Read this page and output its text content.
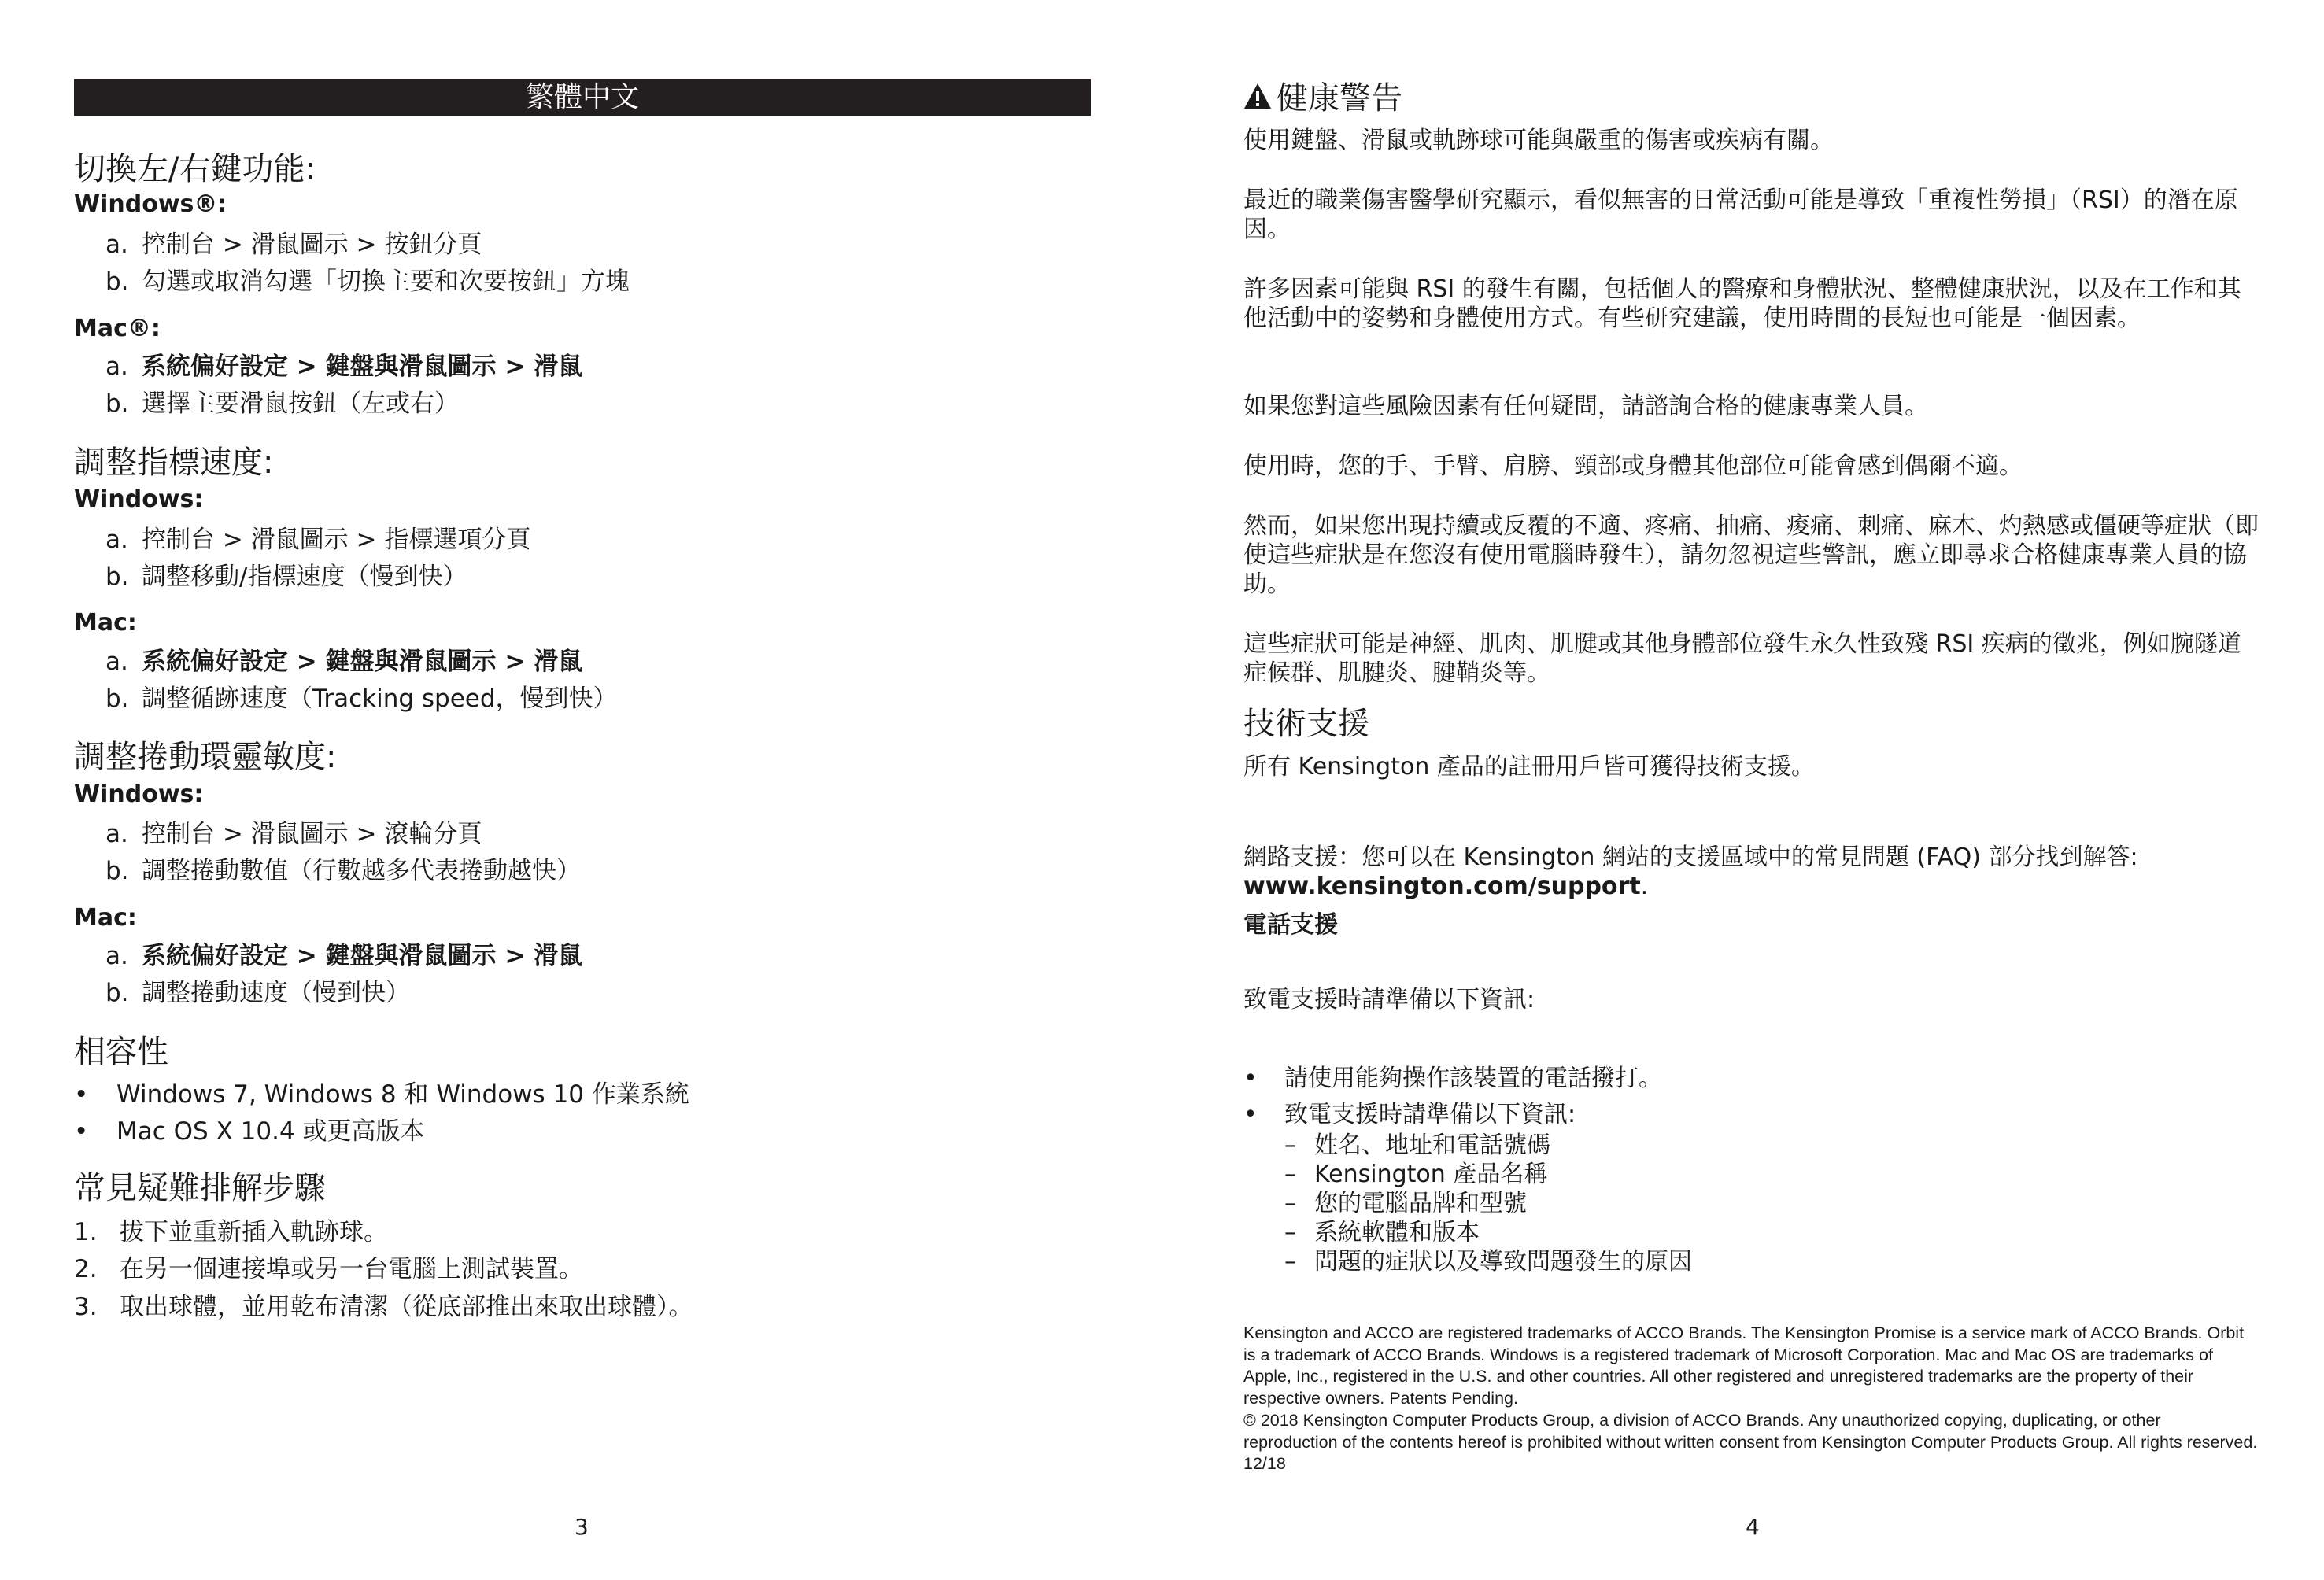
繁體中文
切換左/右鍵功能:
Windows®:
a. 控制台 > 滑鼠圖示 > 按鈕分頁
b. 勾選或取消勾選「切換主要和次要按鈕」方塊
Mac®:
a. 系統偏好設定 > 鍵盤與滑鼠圖示 > 滑鼠
b. 選擇主要滑鼠按鈕（左或右）
調整指標速度:
Windows:
a. 控制台 > 滑鼠圖示 > 指標選項分頁
b. 調整移動/指標速度（慢到快）
Mac:
a. 系統偏好設定 > 鍵盤與滑鼠圖示 > 滑鼠
b. 調整循跡速度（Tracking speed，慢到快）
調整捲動環靈敏度:
Windows:
a. 控制台 > 滑鼠圖示 > 滾輪分頁
b. 調整捲動數值（行數越多代表捲動越快）
Mac:
a. 系統偏好設定 > 鍵盤與滑鼠圖示 > 滑鼠
b. 調整捲動速度（慢到快）
相容性
• Windows 7, Windows 8 和 Windows 10 作業系統
• Mac OS X 10.4 或更高版本
常見疑難排解步驟
1. 拔下並重新插入軌跡球。
2. 在另一個連接埠或另一台電腦上測試裝置。
3. 取出球體，並用乾布清潔（從底部推出來取出球體）。
3
健康警告
使用鍵盤、滑鼠或軌跡球可能與嚴重的傷害或疾病有關。
最近的職業傷害醫學研究顯示，看似無害的日常活動可能是導致「重複性勞損」（RSI）的潛在原因。
許多因素可能與 RSI 的發生有關，包括個人的醫療和身體狀況、整體健康狀況，以及在工作和其他活動中的姿勢和身體使用方式。有些研究建議，使用時間的長短也可能是一個因素。
如果您對這些風險因素有任何疑問，請諮詢合格的健康專業人員。
使用時，您的手、手臂、肩膀、頸部或身體其他部位可能會感到偶爾不適。
然而，如果您出現持續或反覆的不適、疼痛、抽痛、痠痛、刺痛、麻木、灼熱感或僵硬等症狀（即使這些症狀是在您沒有使用電腦時發生），請勿忽視這些警訊，應立即尋求合格健康專業人員的協助。
這些症狀可能是神經、肌肉、肌腱或其他身體部位發生永久性致殘 RSI 疾病的徵兆，例如腕隧道症候群、肌腱炎、腱鞘炎等。
技術支援
所有 Kensington 產品的註冊用戶皆可獲得技術支援。
網路支援：您可以在 Kensington 網站的支援區域中的常見問題 (FAQ) 部分找到解答:
www.kensington.com/support.
電話支援
致電支援時請準備以下資訊:
• 請使用能夠操作該裝置的電話撥打。
• 致電支援時請準備以下資訊:
– 姓名、地址和電話號碼
– Kensington 產品名稱
– 您的電腦品牌和型號
– 系統軟體和版本
– 問題的症狀以及導致問題發生的原因
Kensington and ACCO are registered trademarks of ACCO Brands. The Kensington Promise is a service mark of ACCO Brands. Orbit is a trademark of ACCO Brands. Windows is a registered trademark of Microsoft Corporation. Mac and Mac OS are trademarks of Apple, Inc., registered in the U.S. and other countries. All other registered and unregistered trademarks are the property of their respective owners. Patents Pending.
© 2018 Kensington Computer Products Group, a division of ACCO Brands. Any unauthorized copying, duplicating, or other reproduction of the contents hereof is prohibited without written consent from Kensington Computer Products Group. All rights reserved. 12/18
4
